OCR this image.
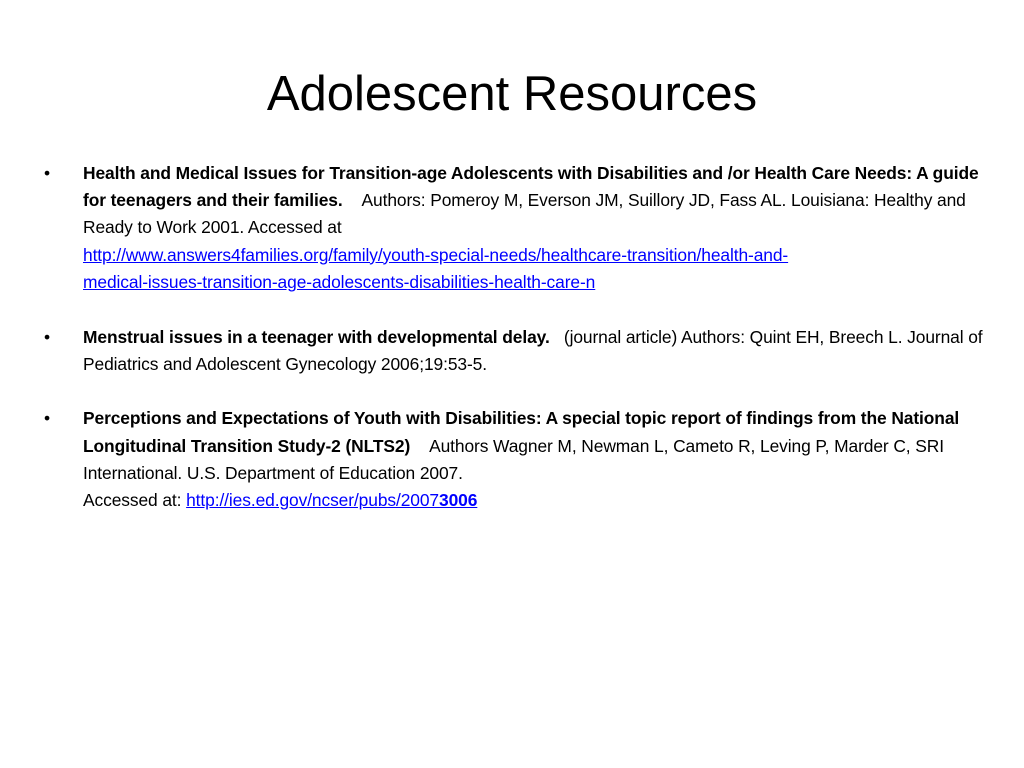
Adolescent Resources
•	Health and Medical Issues for Transition-age Adolescents with Disabilities and /or Health Care Needs: A guide for teenagers and their families. Authors: Pomeroy M, Everson JM, Suillory JD, Fass AL. Louisiana: Healthy and Ready to Work 2001. Accessed at
http://www.answers4families.org/family/youth-special-needs/healthcare-transition/health-and-
medical-issues-transition-age-adolescents-disabilities-health-care-n
•	Menstrual issues in a teenager with developmental delay. (journal article) Authors: Quint EH, Breech L. Journal of Pediatrics and Adolescent Gynecology 2006;19:53-5.
•	Perceptions and Expectations of Youth with Disabilities: A special topic report of findings from the National Longitudinal Transition Study-2 (NLTS2) Authors Wagner M, Newman L, Cameto R, Leving P, Marder C, SRI International. U.S. Department of Education 2007.
Accessed at: http://ies.ed.gov/ncser/pubs/20073006
